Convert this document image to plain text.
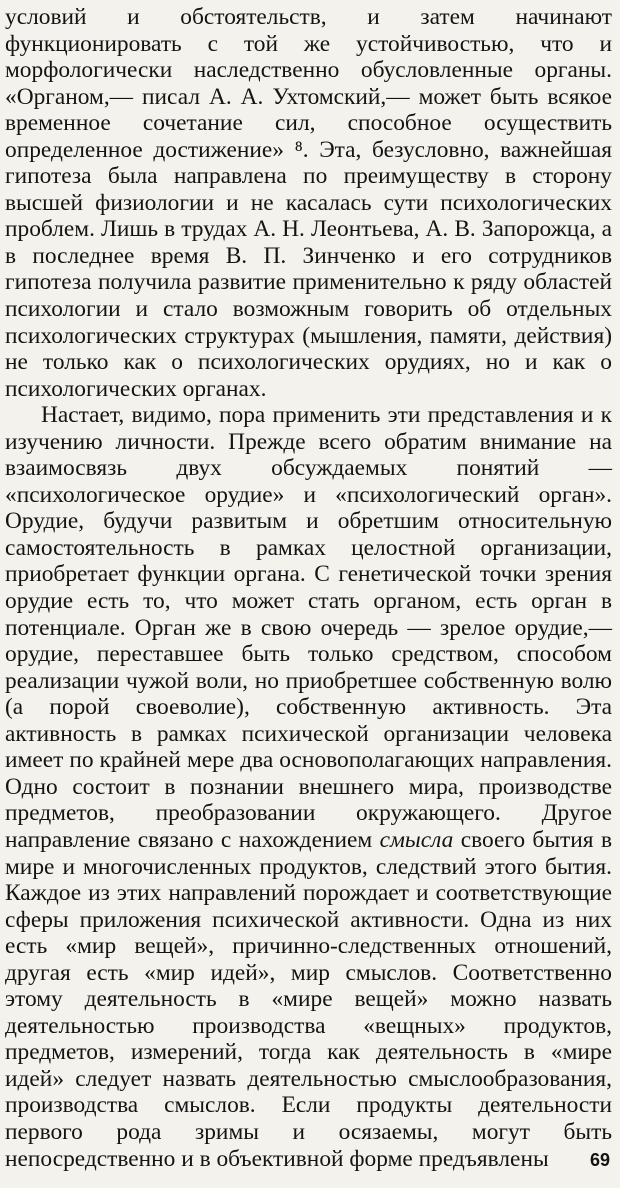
условий и обстоятельств, и затем начинают функционировать с той же устойчивостью, что и морфологически наследственно обусловленные органы. «Органом,— писал А. А. Ухтомский,— может быть всякое временное сочетание сил, способное осуществить определенное достижение» ⁸. Эта, безусловно, важнейшая гипотеза была направлена по преимуществу в сторону высшей физиологии и не касалась сути психологических проблем. Лишь в трудах А. Н. Леонтьева, А. В. Запорожца, а в последнее время В. П. Зинченко и его сотрудников гипотеза получила развитие применительно к ряду областей психологии и стало возможным говорить об отдельных психологических структурах (мышления, памяти, действия) не только как о психологических орудиях, но и как о психологических органах.

Настает, видимо, пора применить эти представления и к изучению личности. Прежде всего обратим внимание на взаимосвязь двух обсуждаемых понятий — «психологическое орудие» и «психологический орган». Орудие, будучи развитым и обретшим относительную самостоятельность в рамках целостной организации, приобретает функции органа. С генетической точки зрения орудие есть то, что может стать органом, есть орган в потенциале. Орган же в свою очередь — зрелое орудие,— орудие, переставшее быть только средством, способом реализации чужой воли, но приобретшее собственную волю (а порой своеволие), собственную активность. Эта активность в рамках психической организации человека имеет по крайней мере два основополагающих направления. Одно состоит в познании внешнего мира, производстве предметов, преобразовании окружающего. Другое направление связано с нахождением смысла своего бытия в мире и многочисленных продуктов, следствий этого бытия. Каждое из этих направлений порождает и соответствующие сферы приложения психической активности. Одна из них есть «мир вещей», причинно-следственных отношений, другая есть «мир идей», мир смыслов. Соответственно этому деятельность в «мире вещей» можно назвать деятельностью производства «вещных» продуктов, предметов, измерений, тогда как деятельность в «мире идей» следует назвать деятельностью смыслообразования, производства смыслов. Если продукты деятельности первого рода зримы и осязаемы, могут быть непосредственно и в объективной форме предъявлены	69
